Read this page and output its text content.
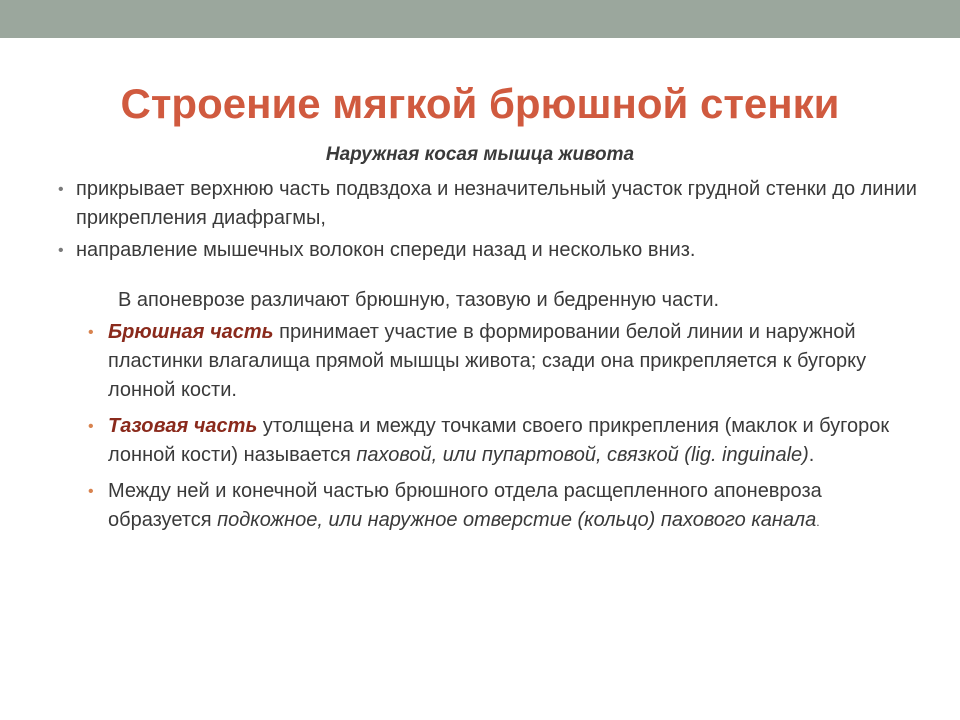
Строение мягкой брюшной стенки
Наружная косая мышца живота
• прикрывает верхнюю часть подвздоха и незначительный участок грудной стенки до линии прикрепления диафрагмы,
• направление мышечных волокон спереди назад и несколько вниз.
В апоневрозе различают брюшную, тазовую и бедренную части.
• Брюшная часть принимает участие в формировании белой линии и наружной пластинки влагалища прямой мышцы живота; сзади она прикрепляется к бугорку лонной кости.
• Тазовая часть утолщена и между точками своего прикрепления (маклок и бугорок лонной кости) называется паховой, или пупартовой, связкой (lig. inguinale).
• Между ней и конечной частью брюшного отдела расщепленного апоневроза образуется подкожное, или наружное отверстие (кольцо) пахового канала.
